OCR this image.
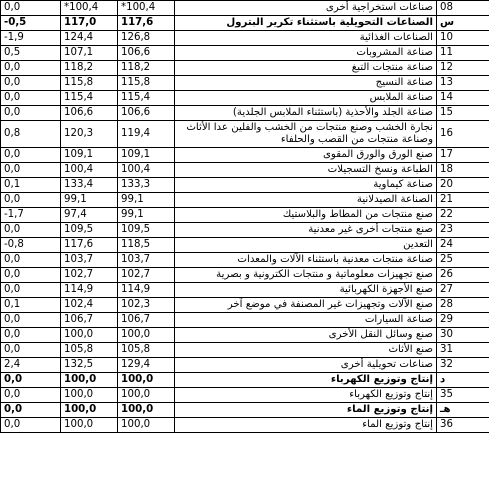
0,0	*100,4	*100,4	صناعات استخراجية أخرى	08
-0,5	117,0	117,6	الصناعات التحويلية باستثناء تكرير البترول	س
-1,9	124,4	126,8	الصناعات الغذائية	10
0,5	107,1	106,6	صناعة المشروبات	11
0,0	118,2	118,2	صناعة منتجات التبغ	12
0,0	115,8	115,8	صناعة النسيج	13
0,0	115,4	115,4	صناعة الملابس	14
0,0	106,6	106,6	صناعة الجلد والأحذية (باستثناء الملابس الجلدية)	15
0,8	120,3	119,4	نجارة الخشب وصنع منتجات من الخشب والفلين عدا الأثاث وصناعة منتجات من القصب والحلفاء	16
0,0	109,1	109,1	صنع الورق والورق المقوى	17
0,0	100,4	100,4	الطباعة ونسخ التسجيلات	18
0,1	133,4	133,3	صناعة كيماوية	20
0,0	99,1	99,1	الصناعة الصيدلانية	21
-1,7	97,4	99,1	صنع منتجات من المطاط والبلاستيك	22
0,0	109,5	109,5	صنع منتجات أخرى غير معدنية	23
-0,8	117,6	118,5	التعدين	24
0,0	103,7	103,7	صناعة منتجات معدنية باستثناء الآلات والمعدات	25
0,0	102,7	102,7	صنع تجهيزات معلوماتية و منتجات الكترونية و بصرية	26
0,0	114,9	114,9	صنع الأجهزة الكهربائية	27
0,1	102,4	102,3	صنع الآلات وتجهيزات غير المصنفة في موضع آخر	28
0,0	106,7	106,7	صناعة السيارات	29
0,0	100,0	100,0	صنع وسائل النقل الأخرى	30
0,0	105,8	105,8	صنع الأثاث	31
2,4	132,5	129,4	صناعات تحويلية أخرى	32
0,0	100,0	100,0	إنتاج وتوزيع الكهرباء	د
0,0	100,0	100,0	إنتاج وتوزيع الكهرباء	35
0,0	100,0	100,0	إنتاج وتوزيع الماء	هـ
0,0	100,0	100,0	إنتاج وتوزيع الماء	36
